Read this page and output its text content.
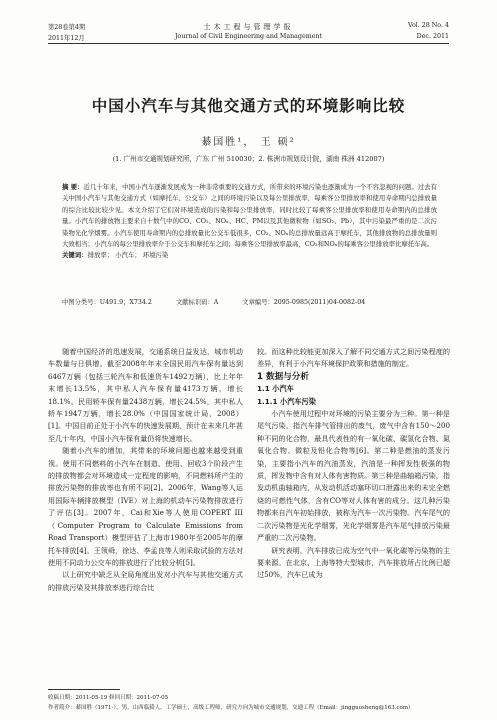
第28卷第4期
2011年12月
土木工程与管理学报
Journal of Civil Engineering and Management
Vol. 28 No. 4
Dec. 2011
中国小汽车与其他交通方式的环境影响比较
綦国胜¹， 王 硕²
(1. 广州市交通规划研究所，广东 广州 510030；2. 株洲市规划设计院，湖南 株洲 412007)
摘 要：近几十年来，中国小汽车逐渐发展成为一种非常重要的交通方式，所带来的环境污染也逐渐成为一个不容忽视的问题。过去有关中国小汽车与其他交通方式（如摩托车、公交车）之间的环境污染以及每公里排放率，每乘客公里排放率和使用寿命期内总排放量的综合比较比较少见。本文介绍了它们对环境造成的污染和每公里排放率，同时比较了每乘客公里排放率和使用寿命期内的总排放量。小汽车的排放物主要来自十数气中的CO、CO₂、NOₓ、HC、PM以及其他微粒物（如SO₂、Pb），其中污染最严重的是二次污染物光化学烟雾。小汽车使用寿命期内的总排放量比公交车低很多，CO₂、NOₓ的总排放量远高于摩托车，其他排放物的总排放量则大致相当；小汽车的每公里排放率介于公交车和摩托车之间；每乘客公里排放率最高，CO₂和NOₓ的每乘客公里排放率比摩托车高。
关键词：排放率； 小汽车； 环境污染
中图分类号：U491.9；X734.2	文献标识码：A	文章编号：2095-0985(2011)04-0082-04

随着中国经济的迅速发展，交通系统日益发达，城市机动车数量与日俱增。截至2008年年末全国民用汽车保有量达到6467万辆（包括三轮汽车和低速货车1492万辆），比上年年末增长13.5%，其中私人汽车保有量4173万辆，增长18.1%。民用轿车保有量2438万辆，增长24.5%，其中私人轿车1947万辆，增长28.0%（中国国家统计局，2008）[1]。中国目前正处于小汽车的快速发展期，预计在未来几年甚至几十年内，中国小汽车保有量仍将快速增长。

随着小汽车的增加，其带来的环境问题也越来越受到重视。使用不同燃料的小汽车在制造、使用、回收3个阶段产生的排放物都会对环境造成一定程度的影响，不同燃料所产生的排放污染物的排放率也有所不同[2]。2006年，Wang等人运用国际车辆排放模型（IVE）对上海的机动车污染物排放进行了评估[3]。2007年，Cai和Xie等人使用COPERT III（Computer Program to Calculate Emissions from Road Transport）模型评估了上海市1980年至2005年的摩托车排放[4]。王领舜，徐达、李孟良等人则采取试验的方法对使用不同动力公交车的排放进行了比较分析[5]。

以上研究中缺乏从全局角度出发对小汽车与其他交通方式的排放污染及其排放率进行综合比

较。而这种比较能更加深入了解不同交通方式之间污染程度的差异，有利于小汽车环境保护政策和措施的制定。

1 数据与分析

1.1 小汽车

1.1.1 小汽车污染

小汽车使用过程中对环境的污染主要分为三种。第一种是尾气污染，指汽车排气管排出的废气，废气中含有150～200种不同的化合物，最具代表性的有一氧化碳、碳氢化合物、氮氧化合物、微粒及铅化合物等[6]。第二种是燃油的蒸发污染，主要指小汽车的汽油蒸发，汽油是一种挥发性极强的物质，挥发物中含有对人体有害物质。第三种是曲轴箱污染，指发动机曲轴箱内，从发动机活动塞环切口泄露出来的未完全燃烧的可燃性气体，含有CO等对人体有害的成分。这几种污染物都来自汽车初始排放，被称为汽车一次污染物。汽车尾气的二次污染物是光化学烟雾，光化学烟雾是汽车尾气排放污染最严重的二次污染物。

研究表明，汽车排放已成为空气中一氧化碳等污染物的主要来源。在北京、上海等特大型城市，汽车排放所占比例已超过50%，汽车已成为

收稿日期：2011-05-19 修回日期：2011-07-05
作者简介：綦国胜（1971-），男，山西临猗人，工学硕士，高级工程师，研究方向为城市交通规划，交通工程（Email：jingguosheng@163.com）
